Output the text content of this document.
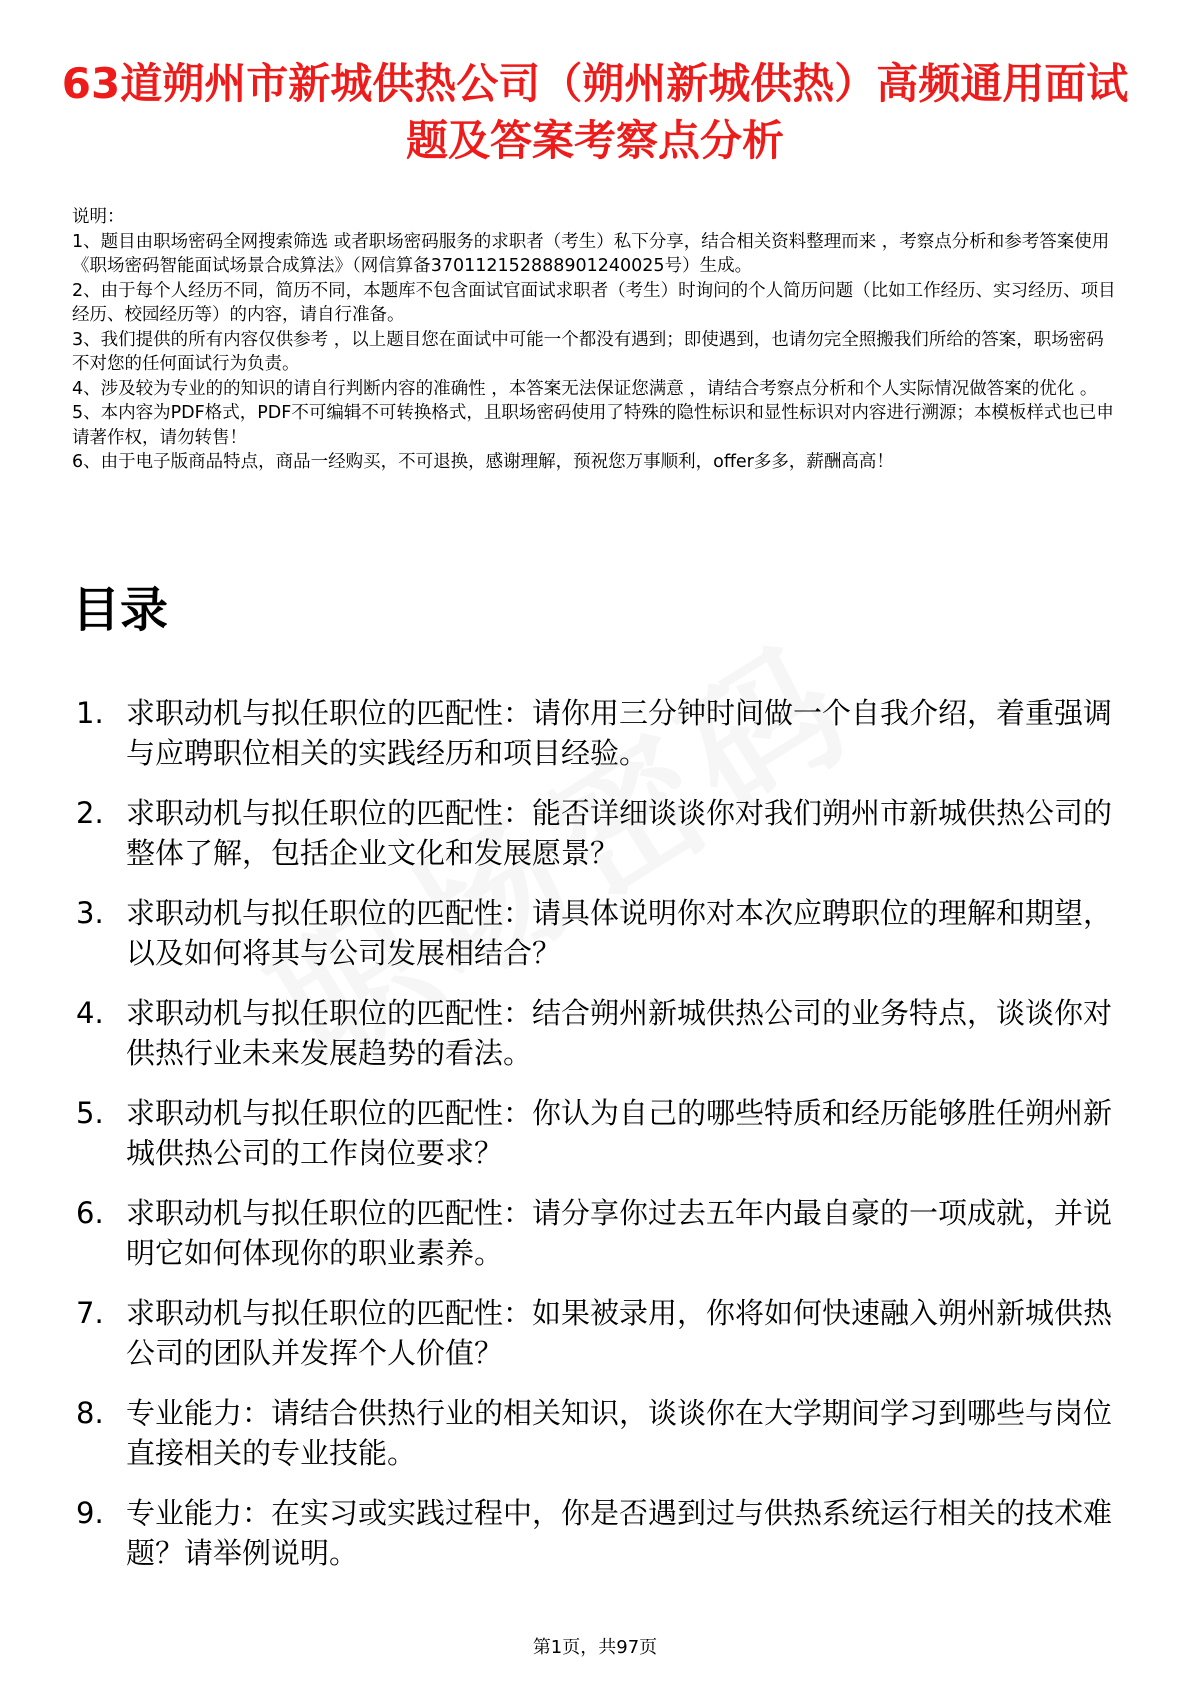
63道朔州市新城供热公司（朔州新城供热）高频通用面试题及答案考察点分析
说明：
1、题目由职场密码全网搜索筛选 或者职场密码服务的求职者（考生）私下分享，结合相关资料整理而来 ，考察点分析和参考答案使用《职场密码智能面试场景合成算法》（网信算备370112152888901240025号）生成。
2、由于每个人经历不同，简历不同，本题库不包含面试官面试求职者（考生）时询问的个人简历问题（比如工作经历、实习经历、项目经历、校园经历等）的内容，请自行准备。
3、我们提供的所有内容仅供参考 ，以上题目您在面试中可能一个都没有遇到；即使遇到，也请勿完全照搬我们所给的答案，职场密码不对您的任何面试行为负责。
4、涉及较为专业的的知识的请自行判断内容的准确性 ，本答案无法保证您满意 ，请结合考察点分析和个人实际情况做答案的优化 。
5、本内容为PDF格式，PDF不可编辑不可转换格式，且职场密码使用了特殊的隐性标识和显性标识对内容进行溯源；本模板样式也已申请著作权，请勿转售！
6、由于电子版商品特点，商品一经购买，不可退换，感谢理解，预祝您万事顺利，offer多多，薪酬高高！
目录
1. 求职动机与拟任职位的匹配性：请你用三分钟时间做一个自我介绍，着重强调与应聘职位相关的实践经历和项目经验。
2. 求职动机与拟任职位的匹配性：能否详细谈谈你对我们朔州市新城供热公司的整体了解，包括企业文化和发展愿景？
3. 求职动机与拟任职位的匹配性：请具体说明你对本次应聘职位的理解和期望，以及如何将其与公司发展相结合？
4. 求职动机与拟任职位的匹配性：结合朔州新城供热公司的业务特点，谈谈你对供热行业未来发展趋势的看法。
5. 求职动机与拟任职位的匹配性：你认为自己的哪些特质和经历能够胜任朔州新城供热公司的工作岗位要求？
6. 求职动机与拟任职位的匹配性：请分享你过去五年内最自豪的一项成就，并说明它如何体现你的职业素养。
7. 求职动机与拟任职位的匹配性：如果被录用，你将如何快速融入朔州新城供热公司的团队并发挥个人价值？
8. 专业能力：请结合供热行业的相关知识，谈谈你在大学期间学习到哪些与岗位直接相关的专业技能。
9. 专业能力：在实习或实践过程中，你是否遇到过与供热系统运行相关的技术难题？请举例说明。
第1页，共97页
